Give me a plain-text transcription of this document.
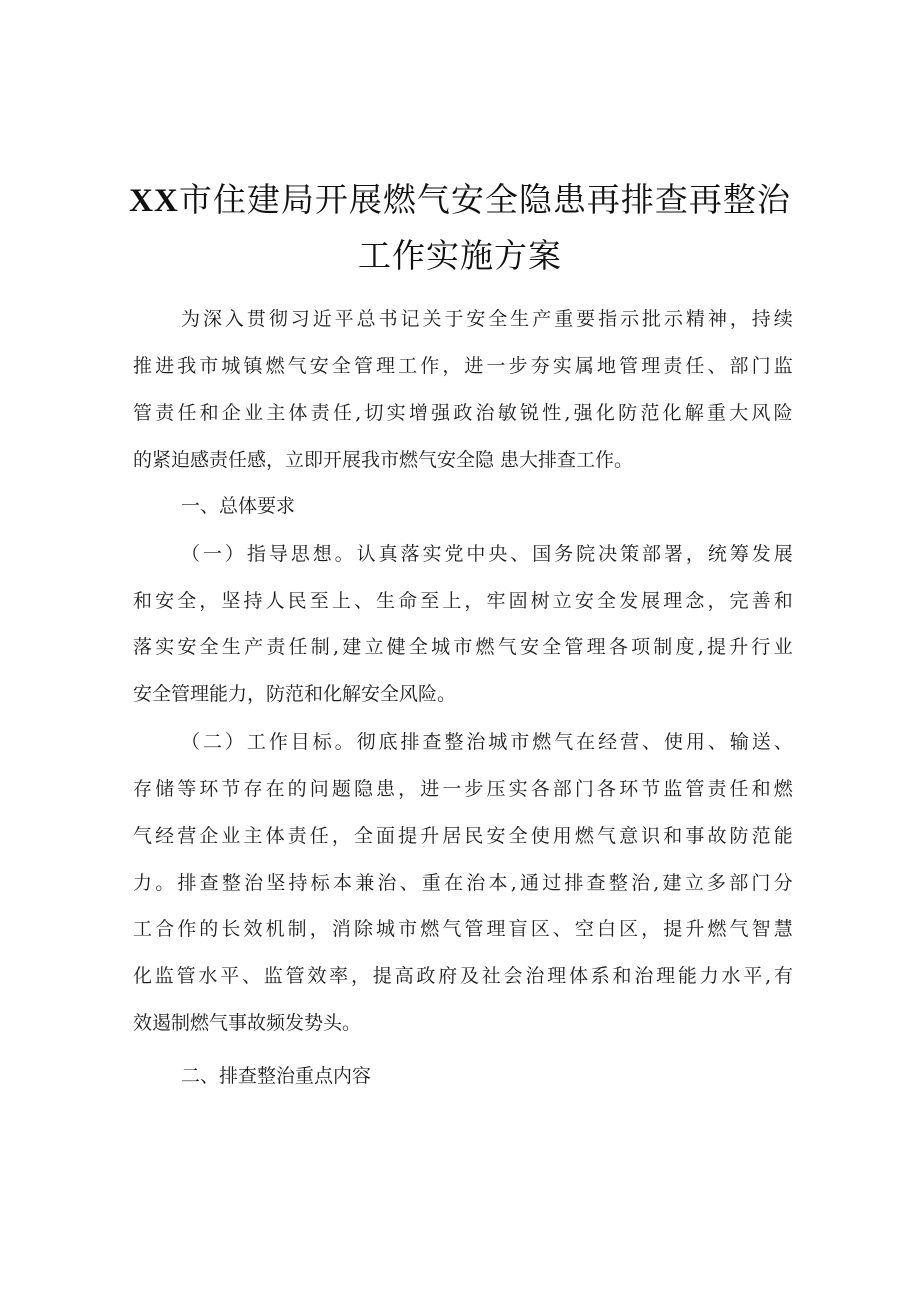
XX市住建局开展燃气安全隐患再排查再整治
工作实施方案
为 深 入 贯 彻 习 近 平 总 书 记 关 于 安 全 生 产 重 要 指 示 批 示 精 神 ， 持 续
推 进 我 市 城 镇 燃 气 安 全 管 理 工 作 ， 进 一 步 夯 实 属 地 管 理 责 任 、 部 门 监
管 责 任 和 企 业 主 体 责 任 , 切 实 增 强 政 治 敏 锐 性 , 强 化 防 范 化 解 重 大 风 险
的紧迫感责任感，立即开展我市燃气安全隐 患大排查工作。
一、总体要求
（ 一 ） 指 导 思 想 。 认 真 落 实 党 中 央 、 国 务 院 决 策 部 署 ， 统 筹 发 展
和 安 全 ， 坚 持 人 民 至 上 、 生 命 至 上 ， 牢 固 树 立 安 全 发 展 理 念 ， 完 善 和
落 实 安 全 生 产 责 任 制 , 建 立 健 全 城 市 燃 气 安 全 管 理 各 项 制 度 , 提 升 行 业
安全管理能力，防范和化解安全风险。
（ 二 ） 工 作 目 标 。 彻 底 排 查 整 治 城 市 燃 气 在 经 营 、 使 用 、 输 送 、
存 储 等 环 节 存 在 的 问 题 隐 患 ， 进 一 步 压 实 各 部 门 各 环 节 监 管 责 任 和 燃
气 经 营 企 业 主 体 责 任 ， 全 面 提 升 居 民 安 全 使 用 燃 气 意 识 和 事 故 防 范 能
力 。 排 查 整 治 坚 持 标 本 兼 治 、 重 在 治 本 , 通 过 排 查 整 治 , 建 立 多 部 门 分
工 合 作 的 长 效 机 制 ， 消 除 城 市 燃 气 管 理 盲 区 、 空 白 区 ， 提 升 燃 气 智 慧
化 监 管 水 平 、 监 管 效 率 ， 提 高 政 府 及 社 会 治 理 体 系 和 治 理 能 力 水 平 , 有
效遏制燃气事故频发势头。
二、排查整治重点内容
